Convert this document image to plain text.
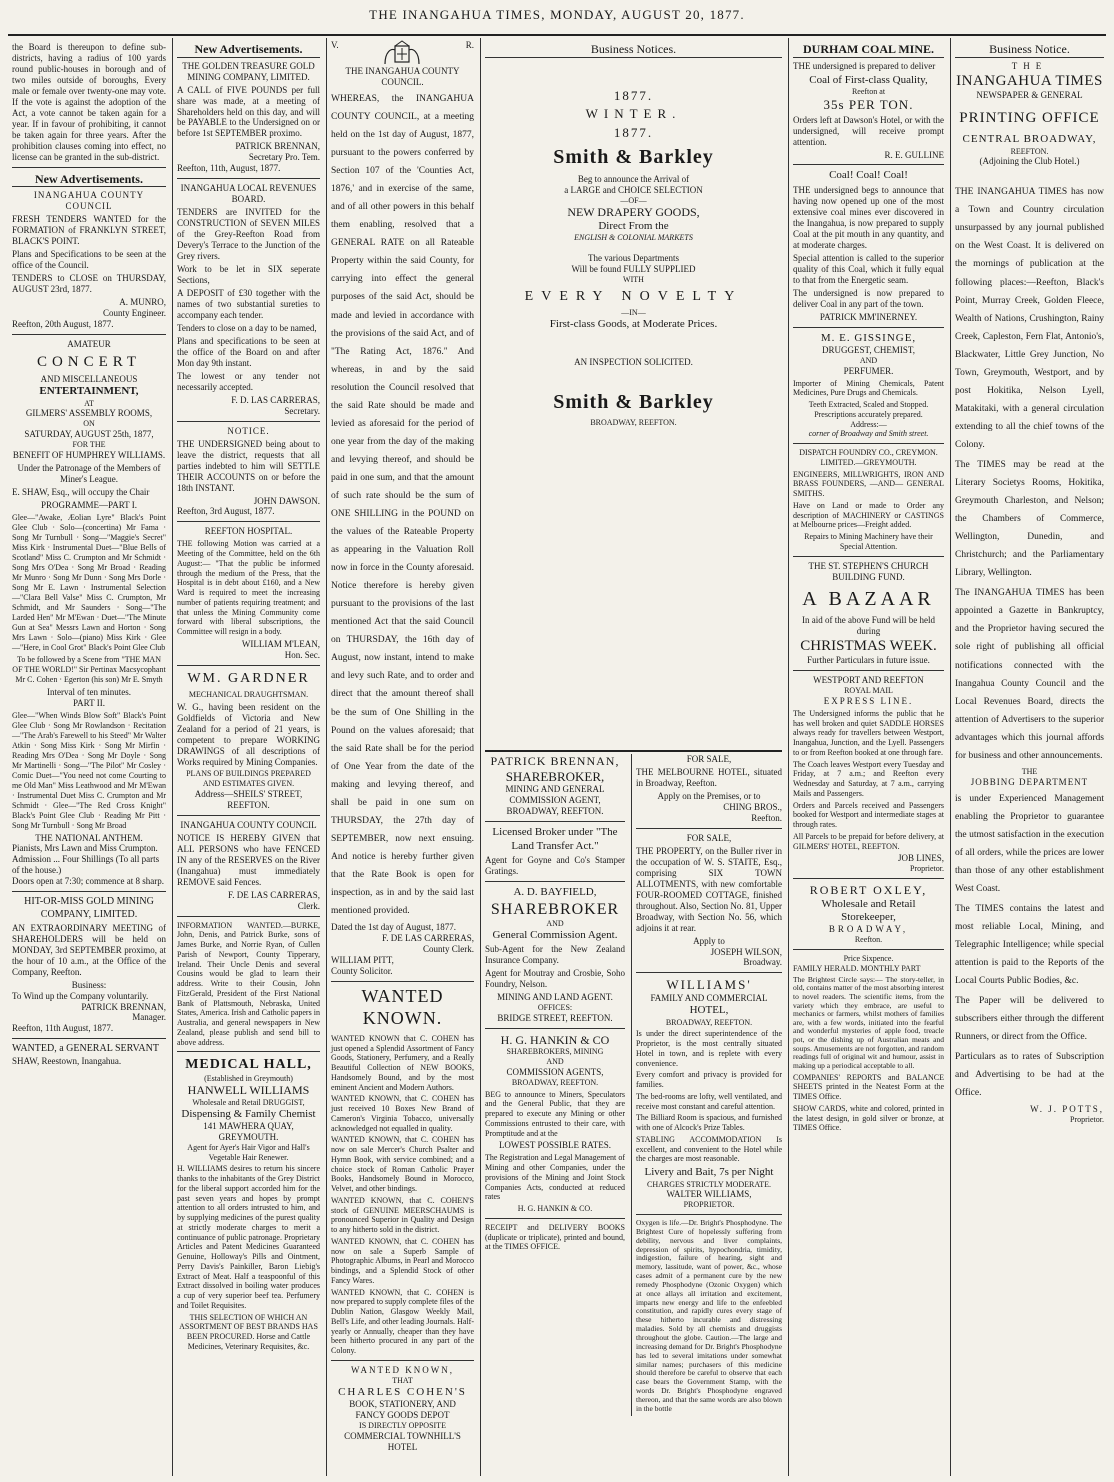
THE INANGAHUA TIMES, MONDAY, AUGUST 20, 1877.

the Board is thereupon to define sub-districts, having a radius of 100 yards round public-houses in borough and of two miles outside of boroughs, Every male or female over twenty-one may vote. If the vote is against the adoption of the Act, a vote cannot be taken again for a year. If in favour of prohibiting, it cannot be taken again for three years. After the prohibition clauses coming into effect, no license can be granted in the sub-district.

New Advertisements.
INANGAHUA COUNTY COUNCIL

FRESH TENDERS WANTED for the FORMATION of FRANKLYN STREET, BLACK'S POINT.

Plans and Specifications to be seen at the office of the Council.

TENDERS to CLOSE on THURSDAY, AUGUST 23rd, 1877.

A. MUNRO,
County Engineer.
Reefton, 20th August, 1877.
AMATEUR
CONCERT
AND MISCELLANEOUS
ENTERTAINMENT,
AT
GILMERS' ASSEMBLY ROOMS,
ON
SATURDAY, AUGUST 25th, 1877,
FOR THE
BENEFIT OF HUMPHREY WILLIAMS.

Under the Patronage of the Members of Miner's League.

E. SHAW, Esq., will occupy the Chair

PROGRAMME—PART I.

Glee—"Awake, Æolian Lyre" Black's Point Glee Club · Solo—(concertina) Mr Fama · Song Mr Turnbull · Song—"Maggie's Secret" Miss Kirk · Instrumental Duet—"Blue Bells of Scotland" Miss C. Crumpton and Mr Schmidt · Song Mrs O'Dea · Song Mr Broad · Reading Mr Munro · Song Mr Dunn · Song Mrs Dorle · Song Mr E. Lawn · Instrumental Selection—"Clara Bell Valse" Miss C. Crumpton, Mr Schmidt, and Mr Saunders · Song—"The Larded Hen" Mr M'Ewan · Duet—"The Minute Gun at Sea" Messrs Lawn and Horton · Song Mrs Lawn · Solo—(piano) Miss Kirk · Glee—"Here, in Cool Grot" Black's Point Glee Club

To be followed by a Scene from "THE MAN OF THE WORLD!" Sir Pertinax Macsycophant Mr C. Cohen · Egerton (his son) Mr E. Smyth

Interval of ten minutes.
PART II.

Glee—"When Winds Blow Soft" Black's Point Glee Club · Song Mr Rowlandson · Recitation—"The Arab's Farewell to his Steed" Mr Walter Atkin · Song Miss Kirk · Song Mr Mirfin · Reading Mrs O'Dea · Song Mr Doyle · Song Mr Martinelli · Song—"The Pilot" Mr Cosley · Comic Duet—"You need not come Courting to me Old Man" Miss Leathwood and Mr M'Ewan · Instrumental Duet Miss C. Crumpton and Mr Schmidt · Glee—"The Red Cross Knight" Black's Point Glee Club · Reading Mr Pitt · Song Mr Turnbull · Song Mr Broad

THE NATIONAL ANTHEM.
Pianists, Mrs Lawn and Miss Crumpton.
Admission ... Four Shillings (To all parts of the house.)
Doors open at 7:30; commence at 8 sharp.
HIT-OR-MISS GOLD MINING COMPANY, LIMITED.

AN EXTRAORDINARY MEETING of SHAREHOLDERS will be held on MONDAY, 3rd SEPTEMBER proximo, at the hour of 10 a.m., at the Office of the Company, Reefton.

Business:
To Wind up the Company voluntarily.
PATRICK BRENNAN,
Manager.
Reefton, 11th August, 1877.
WANTED, a GENERAL SERVANT
SHAW, Reestown, Inangahua.
New Advertisements.
THE GOLDEN TREASURE GOLD MINING COMPANY, LIMITED.

A CALL of FIVE POUNDS per full share was made, at a meeting of Shareholders held on this day, and will be PAYABLE to the Undersigned on or before 1st SEPTEMBER proximo.

PATRICK BRENNAN,
Secretary Pro. Tem.
Reefton, 11th, August, 1877.
INANGAHUA LOCAL REVENUES BOARD.

TENDERS are INVITED for the CONSTRUCTION of SEVEN MILES of the Grey-Reefton Road from Devery's Terrace to the Junction of the Grey rivers.

Work to be let in SIX seperate Sections,

A DEPOSIT of £30 together with the names of two substantial sureties to accompany each tender.

Tenders to close on a day to be named,

Plans and specifications to be seen at the office of the Board on and after Mon day 9th instant.

The lowest or any tender not necessarily accepted.

F. D. LAS CARRERAS,
Secretary.
NOTICE.

THE UNDERSIGNED being about to leave the district, requests that all parties indebted to him will SETTLE THEIR ACCOUNTS on or before the 18th INSTANT.

JOHN DAWSON.
Reefton, 3rd August, 1877.
REEFTON HOSPITAL.

THE following Motion was carried at a Meeting of the Committee, held on the 6th August:— "That the public be informed through the medium of the Press, that the Hospital is in debt about £160, and a New Ward is required to meet the increasing number of patients requiring treatment; and that unless the Mining Community come forward with liberal subscriptions, the Committee will resign in a body.

WILLIAM M'LEAN,
Hon. Sec.
WM. GARDNER
MECHANICAL DRAUGHTSMAN.

W. G., having been resident on the Goldfields of Victoria and New Zealand for a period of 21 years, is competent to prepare WORKING DRAWINGS of all descriptions of Works required by Mining Companies.

PLANS OF BUILDINGS PREPARED AND ESTIMATES GIVEN.
Address—SHEILS' STREET, REEFTON.
INANGAHUA COUNTY COUNCIL

NOTICE IS HEREBY GIVEN that ALL PERSONS who have FENCED IN any of the RESERVES on the River (Inangahua) must immediately REMOVE said Fences.

F. DE LAS CARRERAS,
Clerk.

INFORMATION WANTED.—BURKE, John, Denis, and Patrick Burke, sons of James Burke, and Norrie Ryan, of Cullen Parish of Newport, County Tipperary, Ireland. Their Uncle Denis and several Cousins would be glad to learn their address. Write to their Cousin, John FitzGerald, President of the First National Bank of Plattsmouth, Nebraska, United States, America. Irish and Catholic papers in Australia, and general newspapers in New Zealand, please publish and send bill to above address.

MEDICAL HALL,
(Established in Greymouth)
HANWELL WILLIAMS
Wholesale and Retail DRUGGIST,
Dispensing & Family Chemist
141 MAWHERA QUAY, GREYMOUTH.
Agent for Ayer's Hair Vigor and Hall's Vegetable Hair Renewer.

H. WILLIAMS desires to return his sincere thanks to the inhabitants of the Grey District for the liberal support accorded him for the past seven years and hopes by prompt attention to all orders intrusted to him, and by supplying medicines of the purest quality at strictly moderate charges to merit a continuance of public patronage. Proprietary Articles and Patent Medicines Guaranteed Genuine, Holloway's Pills and Ointment, Perry Davis's Painkiller, Baron Liebig's Extract of Meat. Half a teaspoonful of this Extract dissolved in boiling water produces a cup of very superior beef tea. Perfumery and Toilet Requisites.

THIS SELECTION OF WHICH AN ASSORTMENT OF BEST BRANDS HAS BEEN PROCURED. Horse and Cattle Medicines, Veterinary Requisites, &c.
V.	R.
THE INANGAHUA COUNTY COUNCIL.

WHEREAS, the INANGAHUA COUNTY COUNCIL, at a meeting held on the 1st day of August, 1877, pursuant to the powers conferred by Section 107 of the 'Counties Act, 1876,' and in exercise of the same, and of all other powers in this behalf them enabling, resolved that a GENERAL RATE on all Rateable Property within the said County, for carrying into effect the general purposes of the said Act, should be made and levied in accordance with the provisions of the said Act, and of "The Rating Act, 1876." And whereas, in and by the said resolution the Council resolved that the said Rate should be made and levied as aforesaid for the period of one year from the day of the making and levying thereof, and should be paid in one sum, and that the amount of such rate should be the sum of ONE SHILLING in the POUND on the values of the Rateable Property as appearing in the Valuation Roll now in force in the County aforesaid. Notice therefore is hereby given pursuant to the provisions of the last mentioned Act that the said Council on THURSDAY, the 16th day of August, now instant, intend to make and levy such Rate, and to order and direct that the amount thereof shall be the sum of One Shilling in the Pound on the values aforesaid; that the said Rate shall be for the period of One Year from the date of the making and levying thereof, and shall be paid in one sum on THURSDAY, the 27th day of SEPTEMBER, now next ensuing. And notice is hereby further given that the Rate Book is open for inspection, as in and by the said last mentioned provided.

Dated the 1st day of August, 1877.
F. DE LAS CARRERAS,
County Clerk.
WILLIAM PITT,
County Solicitor.
WANTED KNOWN.

WANTED KNOWN that C. COHEN has just opened a Splendid Assortment of Fancy Goods, Stationery, Perfumery, and a Really Beautiful Collection of NEW BOOKS, Handsomely Bound, and by the most eminent Ancient and Modern Authors.

WANTED KNOWN, that C. COHEN has just received 10 Boxes New Brand of Cameron's Virginia Tobacco, universally acknowledged not equalled in quality.

WANTED KNOWN, that C. COHEN has now on sale Mercer's Church Psalter and Hymn Book, with service combined; and a choice stock of Roman Catholic Prayer Books, Handsomely Bound in Morocco, Velvet, and other bindings.

WANTED KNOWN, that C. COHEN'S stock of GENUINE MEERSCHAUMS is pronounced Superior in Quality and Design to any hitherto sold in the district.

WANTED KNOWN, that C. COHEN has now on sale a Superb Sample of Photographic Albums, in Pearl and Morocco bindings, and a Splendid Stock of other Fancy Wares.

WANTED KNOWN, that C. COHEN is now prepared to supply complete files of the Dublin Nation, Glasgow Weekly Mail, Bell's Life, and other leading Journals. Half-yearly or Annually, cheaper than they have been hitherto procured in any part of the Colony.

WANTED KNOWN,
THAT
CHARLES COHEN'S
BOOK, STATIONERY, AND
FANCY GOODS DEPOT
IS DIRECTLY OPPOSITE
COMMERCIAL TOWNHILL'S HOTEL
Business Notices.
1877.
WINTER.
1877.
Smith & Barkley
Beg to announce the Arrival of
a LARGE and CHOICE SELECTION
—OF—
NEW DRAPERY GOODS,
Direct From the
ENGLISH & COLONIAL MARKETS
The various Departments
Will be found FULLY SUPPLIED
WITH
EVERY NOVELTY
—IN—
First-class Goods, at Moderate Prices.
AN INSPECTION SOLICITED.
Smith & Barkley
BROADWAY, REEFTON.
PATRICK BRENNAN,
SHAREBROKER,
MINING AND GENERAL COMMISSION AGENT,
BROADWAY, REEFTON.
Licensed Broker under "The Land Transfer Act."

Agent for Goyne and Co's Stamper Gratings.

A. D. BAYFIELD,
SHAREBROKER
AND
General Commission Agent.

Sub-Agent for the New Zealand Insurance Company.

Agent for Moutray and Crosbie, Soho Foundry, Nelson.

MINING AND LAND AGENT.
OFFICES:
BRIDGE STREET, REEFTON.
H. G. HANKIN & CO
SHAREBROKERS, MINING
AND
COMMISSION AGENTS,
BROADWAY, REEFTON.

BEG to announce to Miners, Speculators and the General Public, that they are prepared to execute any Mining or other Commissions entrusted to their care, with Promptitude and at the

LOWEST POSSIBLE RATES.

The Registration and Legal Management of Mining and other Companies, under the provisions of the Mining and Joint Stock Companies Acts, conducted at reduced rates

H. G. HANKIN & CO.

RECEIPT and DELIVERY BOOKS (duplicate or triplicate), printed and bound, at the TIMES OFFICE.

FOR SALE,

THE MELBOURNE HOTEL, situated in Broadway, Reefton.

Apply on the Premises, or to
CHING BROS.,
Reefton.
FOR SALE,

THE PROPERTY, on the Buller river in the occupation of W. S. STAITE, Esq., comprising SIX TOWN ALLOTMENTS, with new comfortable FOUR-ROOMED COTTAGE, finished throughout. Also, Section No. 81, Upper Broadway, with Section No. 56, which adjoins it at rear.

Apply to
JOSEPH WILSON,
Broadway.
WILLIAMS'
FAMILY AND COMMERCIAL
HOTEL,
BROADWAY, REEFTON.

Is under the direct superintendence of the Proprietor, is the most centrally situated Hotel in town, and is replete with every convenience.

Every comfort and privacy is provided for families.

The bed-rooms are lofty, well ventilated, and receive most constant and careful attention.

The Billiard Room is spacious, and furnished with one of Alcock's Prize Tables.

STABLING ACCOMMODATION Is excellent, and convenient to the Hotel while the charges are most reasonable.

Livery and Bait, 7s per Night
CHARGES STRICTLY MODERATE.
WALTER WILLIAMS,
PROPRIETOR.

Oxygen is life.—Dr. Bright's Phosphodyne. The Brightest Cure of hopelessly suffering from debility, nervous and liver complaints, depression of spirits, hypochondria, timidity, indigestion, failure of hearing, sight and memory, lassitude, want of power, &c., whose cases admit of a permanent cure by the new remedy Phosphodyne (Ozonic Oxygen) which at once allays all irritation and excitement, imparts new energy and life to the enfeebled constitution, and rapidly cures every stage of these hitherto incurable and distressing maladies. Sold by all chemists and druggists throughout the globe. Caution.—The large and increasing demand for Dr. Bright's Phosphodyne has led to several imitations under somewhat similar names; purchasers of this medicine should therefore be careful to observe that each case bears the Government Stamp, with the words Dr. Bright's Phosphodyne engraved thereon, and that the same words are also blown in the bottle

DURHAM COAL MINE.

THE undersigned is prepared to deliver

Coal of First-class Quality,
Reefton at
35s PER TON.

Orders left at Dawson's Hotel, or with the undersigned, will receive prompt attention.

R. E. GULLINE
Coal! Coal! Coal!

THE undersigned begs to announce that having now opened up one of the most extensive coal mines ever discovered in the Inangahua, is now prepared to supply Coal at the pit mouth in any quantity, and at moderate charges.

Special attention is called to the superior quality of this Coal, which it fully equal to that from the Energetic seam.

The undersigned is now prepared to deliver Coal in any part of the town.

PATRICK MM'INERNEY.
M. E. GISSINGE,
DRUGGEST, CHEMIST,
AND
PERFUMER.

Importer of Mining Chemicals, Patent Medicines, Pure Drugs and Chemicals.

Teeth Extracted, Scaled and Stopped.
Prescriptions accurately prepared.
Address:—
corner of Broadway and Smith street.
DISPATCH FOUNDRY CO., CREYMON. LIMITED.—GREYMOUTH.

ENGINEERS, MILLWRIGHTS, IRON AND BRASS FOUNDERS, —AND— GENERAL SMITHS.

Have on Land or made to Order any description of MACHINERY or CASTINGS at Melbourne prices—Freight added.

Repairs to Mining Machinery have their Special Attention.
THE ST. STEPHEN'S CHURCH BUILDING FUND.
A BAZAAR
In aid of the above Fund will be held during
CHRISTMAS WEEK.
Further Particulars in future issue.
WESTPORT AND REEFTON
ROYAL MAIL
EXPRESS LINE.

The Undersigned informs the public that he has well broken and quiet SADDLE HORSES always ready for travellers between Westport, Inangahua, Junction, and the Lyell. Passengers to or from Reefton booked at one through fare.

The Coach leaves Westport every Tuesday and Friday, at 7 a.m.; and Reefton every Wednesday and Saturday, at 7 a.m., carrying Mails and Passengers.

Orders and Parcels received and Passengers booked for Westport and intermediate stages at through rates.

All Parcels to be prepaid for before delivery, at GILMERS' HOTEL, REEFTON.

JOB LINES,
Proprietor.
ROBERT OXLEY,
Wholesale and Retail
Storekeeper,
BROADWAY,
Reefton.
Price Sixpence.
FAMILY HERALD. MONTHLY PART

The Brightest Circle says:— The story-teller, in old, contains matter of the most absorbing interest to novel readers. The scientific items, from the variety which they embrace, are useful to mechanics or farmers, whilst mothers of families are, with a few words, initiated into the fearful and wonderful mysteries of apple food, treacle pot, or the dishing up of Australian meats and soups. Amusements are not forgotten, and random readings full of original wit and humour, assist in making up a periodical acceptable to all.

COMPANIES' REPORTS and BALANCE SHEETS printed in the Neatest Form at the TIMES Office.

SHOW CARDS, white and colored, printed in the latest design, in gold silver or bronze, at TIMES Office.

Business Notice.
THE
INANGAHUA TIMES
NEWSPAPER & GENERAL
PRINTING OFFICE
CENTRAL BROADWAY,
REEFTON.
(Adjoining the Club Hotel.)

THE INANGAHUA TIMES has now a Town and Country circulation unsurpassed by any journal published on the West Coast. It is delivered on the mornings of publication at the following places:—Reefton, Black's Point, Murray Creek, Golden Fleece, Wealth of Nations, Crushington, Rainy Creek, Capleston, Fern Flat, Antonio's, Blackwater, Little Grey Junction, No Town, Greymouth, Westport, and by post Hokitika, Nelson Lyell, Matakitaki, with a general circulation extending to all the chief towns of the Colony.

The TIMES may be read at the Literary Societys Rooms, Hokitika, Greymouth Charleston, and Nelson; the Chambers of Commerce, Wellington, Dunedin, and Christchurch; and the Parliamentary Library, Wellington.

The INANGAHUA TIMES has been appointed a Gazette in Bankruptcy, and the Proprietor having secured the sole right of publishing all official notifications connected with the Inangahua County Council and the Local Revenues Board, directs the attention of Advertisers to the superior advantages which this journal affords for business and other announcements.

THE
JOBBING DEPARTMENT

is under Experienced Management enabling the Proprietor to guarantee the utmost satisfaction in the execution of all orders, while the prices are lower than those of any other establishment West Coast.

The TIMES contains the latest and most reliable Local, Mining, and Telegraphic Intelligence; while special attention is paid to the Reports of the Local Courts Public Bodies, &c.

The Paper will be delivered to subscribers either through the different Runners, or direct from the Office.

Particulars as to rates of Subscription and Advertising to be had at the Office.

W. J. POTTS,
Proprietor.
